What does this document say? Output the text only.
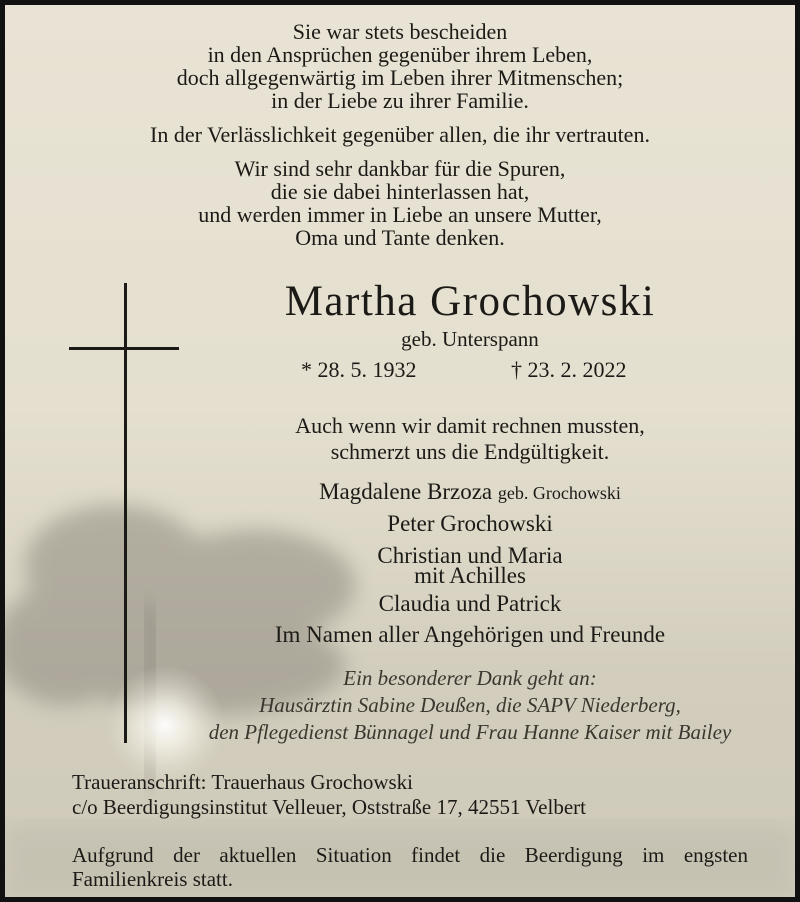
Sie war stets bescheiden

in den Ansprüchen gegenüber ihrem Leben,

doch allgegenwärtig im Leben ihrer Mitmenschen;

in der Liebe zu ihrer Familie.

In der Verlässlichkeit gegenüber allen, die ihr vertrauten.

Wir sind sehr dankbar für die Spuren,

die sie dabei hinterlassen hat,

und werden immer in Liebe an unsere Mutter,

Oma und Tante denken.

Martha Grochowski
geb. Unterspann
* 28. 5. 1932	† 23. 2. 2022
Auch wenn wir damit rechnen mussten,
schmerzt uns die Endgültigkeit.
Magdalene Brzoza geb. Grochowski
Peter Grochowski
Christian und Maria
mit Achilles
Claudia und Patrick
Im Namen aller Angehörigen und Freunde
Ein besonderer Dank geht an:
Hausärztin Sabine Deußen, die SAPV Niederberg,
den Pflegedienst Bünnagel und Frau Hanne Kaiser mit Bailey
Traueranschrift: Trauerhaus Grochowski
c/o Beerdigungsinstitut Velleuer, Oststraße 17, 42551 Velbert
Aufgrund der aktuellen Situation findet die Beerdigung im engsten
Familienkreis statt.
